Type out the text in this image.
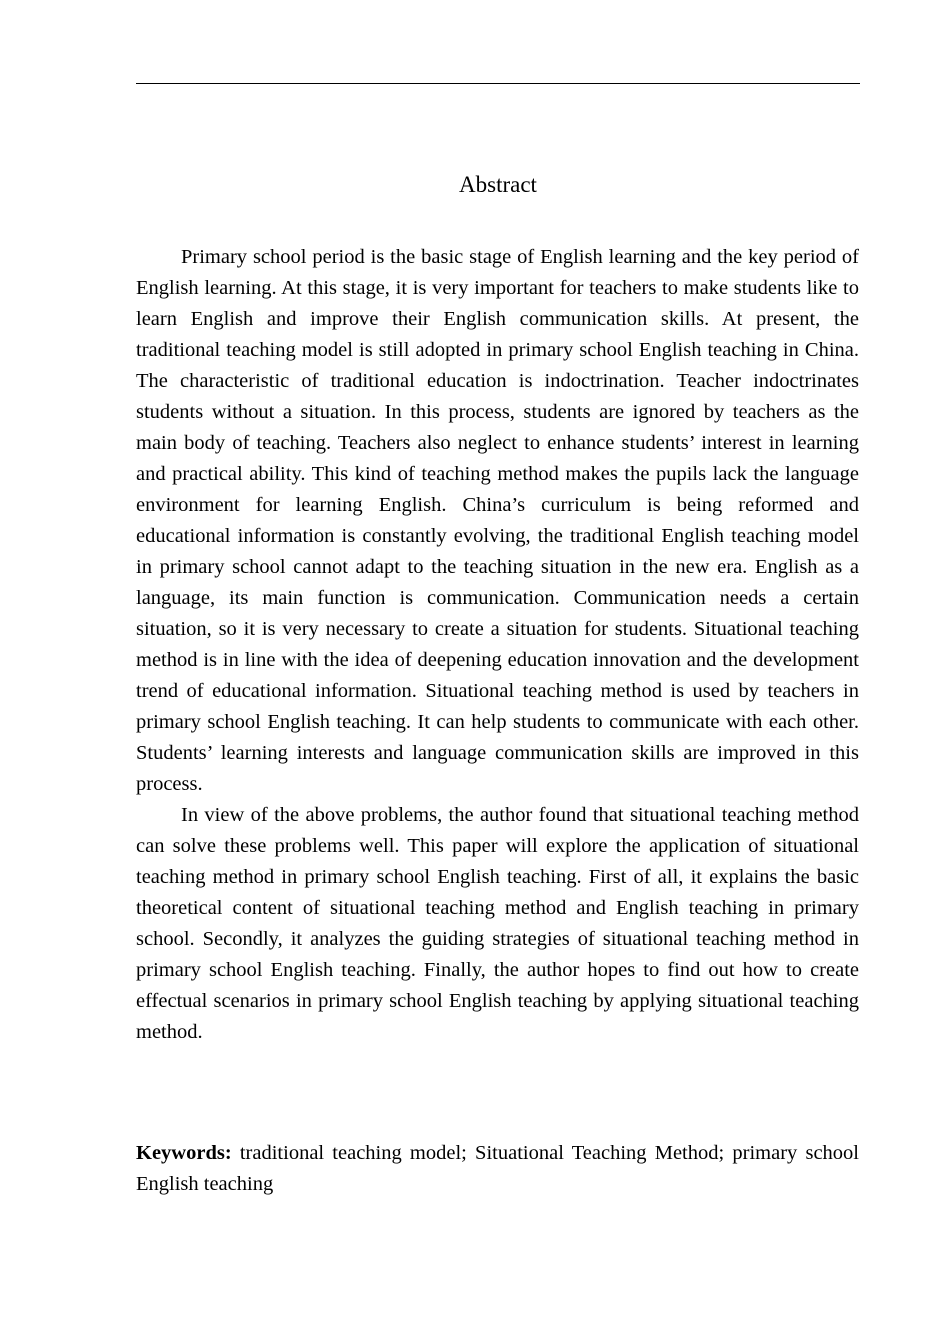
Abstract

Primary school period is the basic stage of English learning and the key period of English learning. At this stage, it is very important for teachers to make students like to learn English and improve their English communication skills. At present, the traditional teaching model is still adopted in primary school English teaching in China. The characteristic of traditional education is indoctrination. Teacher indoctrinates students without a situation. In this process, students are ignored by teachers as the main body of teaching. Teachers also neglect to enhance students’ interest in learning and practical ability. This kind of teaching method makes the pupils lack the language environment for learning English. China’s curriculum is being reformed and educational information is constantly evolving, the traditional English teaching model in primary school cannot adapt to the teaching situation in the new era. English as a language, its main function is communication. Communication needs a certain situation, so it is very necessary to create a situation for students. Situational teaching method is in line with the idea of deepening education innovation and the development trend of educational information. Situational teaching method is used by teachers in primary school English teaching. It can help students to communicate with each other. Students’ learning interests and language communication skills are improved in this process.

In view of the above problems, the author found that situational teaching method can solve these problems well. This paper will explore the application of situational teaching method in primary school English teaching. First of all, it explains the basic theoretical content of situational teaching method and English teaching in primary school. Secondly, it analyzes the guiding strategies of situational teaching method in primary school English teaching. Finally, the author hopes to find out how to create effectual scenarios in primary school English teaching by applying situational teaching method.

Keywords: traditional teaching model; Situational Teaching Method; primary school English teaching
